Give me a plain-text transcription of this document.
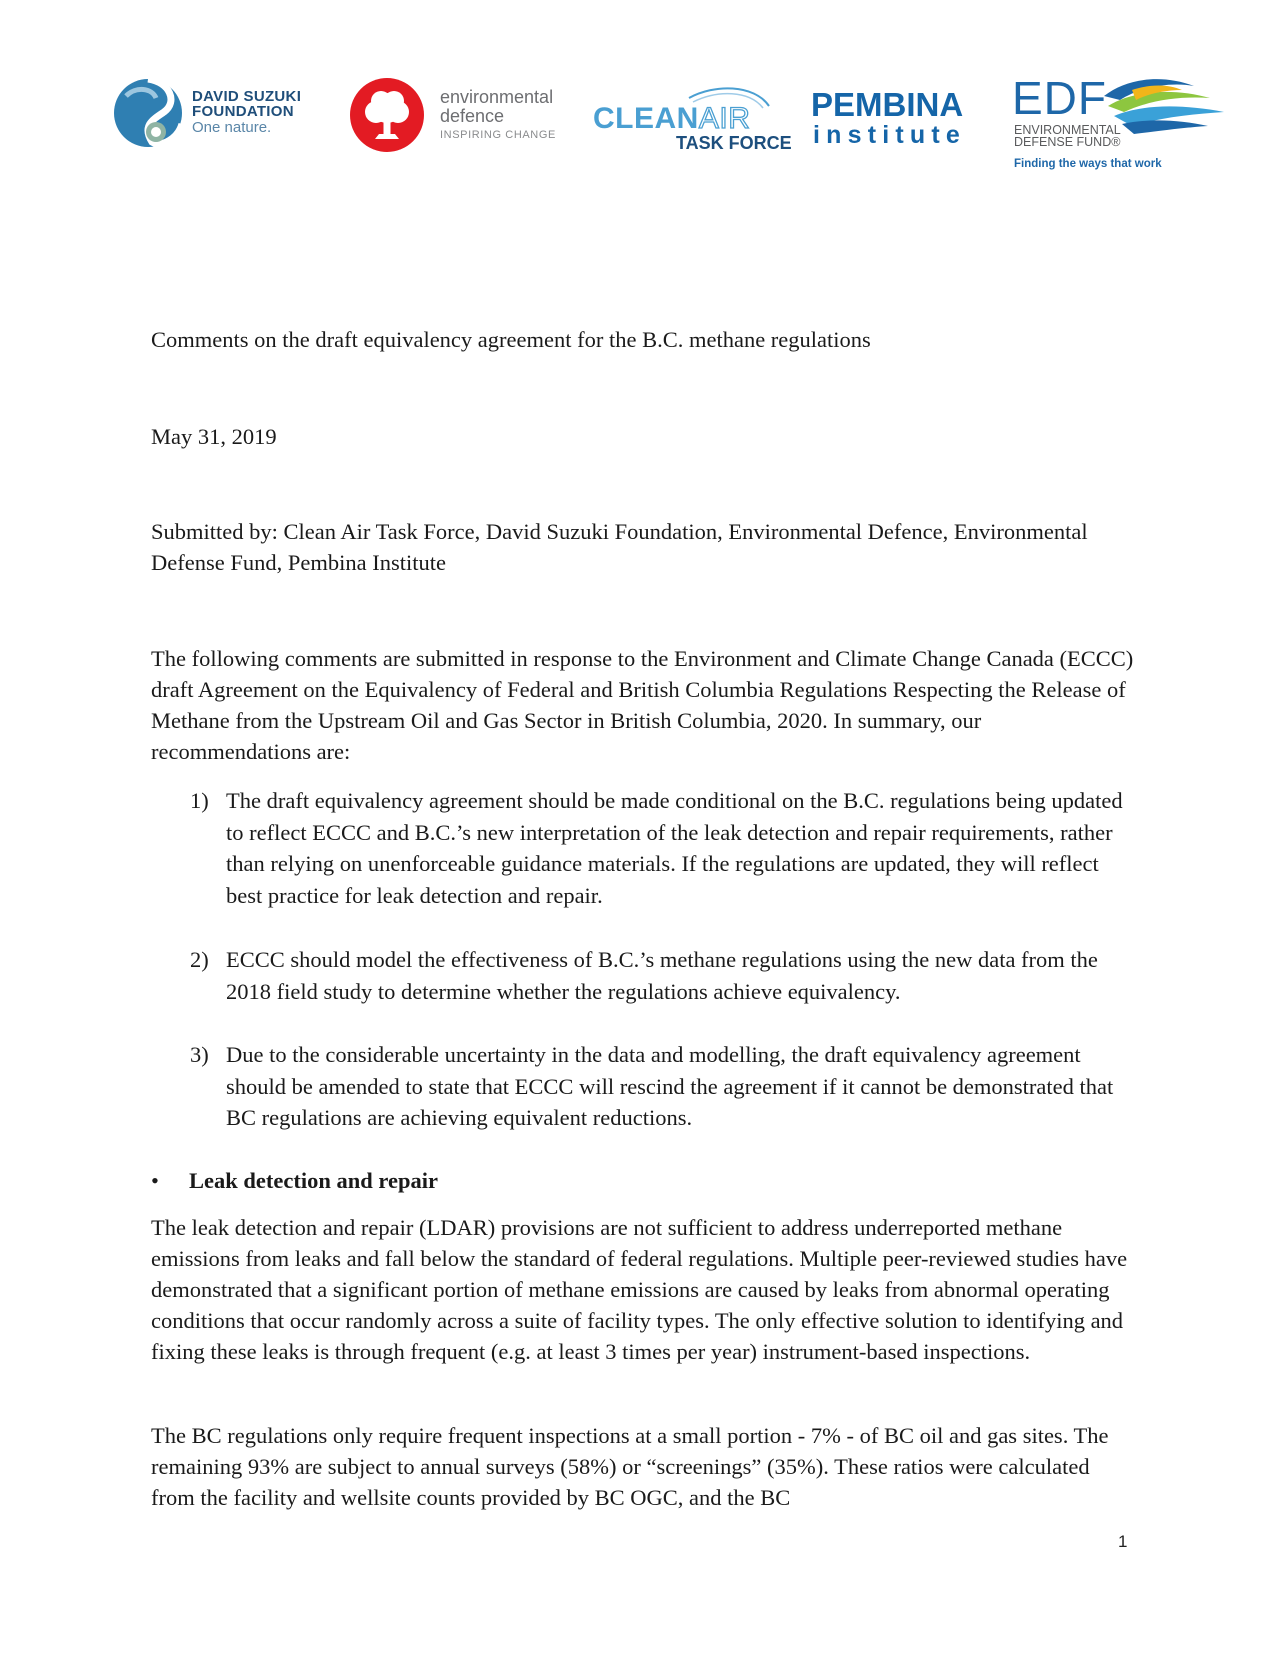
DAVID SUZUKI
FOUNDATION
One nature.
environmental
defence
INSPIRING CHANGE CLEANAIR
TASK FORCE
PEMBINA
institute
EDF
ENVIRONMENTAL
DEFENSE FUND®
Finding the ways that work

Comments on the draft equivalency agreement for the B.C. methane regulations

May 31, 2019

Submitted by: Clean Air Task Force, David Suzuki Foundation, Environmental Defence, Environmental Defense Fund, Pembina Institute

The following comments are submitted in response to the Environment and Climate Change Canada (ECCC) draft Agreement on the Equivalency of Federal and British Columbia Regulations Respecting the Release of Methane from the Upstream Oil and Gas Sector in British Columbia, 2020. In summary, our recommendations are:

1) The draft equivalency agreement should be made conditional on the B.C. regulations being updated to reflect ECCC and B.C.’s new interpretation of the leak detection and repair requirements, rather than relying on unenforceable guidance materials. If the regulations are updated, they will reflect best practice for leak detection and repair.
2) ECCC should model the effectiveness of B.C.’s methane regulations using the new data from the 2018 field study to determine whether the regulations achieve equivalency.
3) Due to the considerable uncertainty in the data and modelling, the draft equivalency agreement should be amended to state that ECCC will rescind the agreement if it cannot be demonstrated that BC regulations are achieving equivalent reductions.
• Leak detection and repair

The leak detection and repair (LDAR) provisions are not sufficient to address underreported methane emissions from leaks and fall below the standard of federal regulations. Multiple peer-reviewed studies have demonstrated that a significant portion of methane emissions are caused by leaks from abnormal operating conditions that occur randomly across a suite of facility types. The only effective solution to identifying and fixing these leaks is through frequent (e.g. at least 3 times per year) instrument-based inspections.

The BC regulations only require frequent inspections at a small portion - 7% - of BC oil and gas sites. The remaining 93% are subject to annual surveys (58%) or “screenings” (35%). These ratios were calculated from the facility and wellsite counts provided by BC OGC, and the BC

1
